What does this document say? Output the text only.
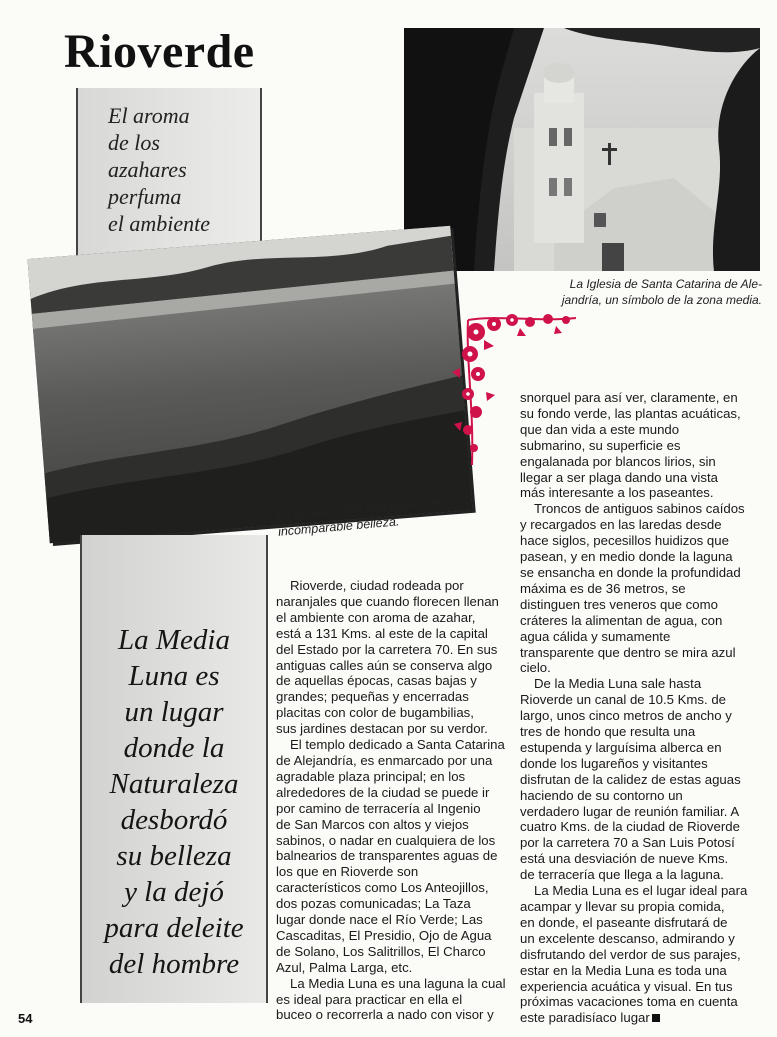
Rioverde
El aroma
de los
azahares
perfuma
el ambiente
La Iglesia de Santa Catarina de Ale-
jandría, un símbolo de la zona media.
La Media Luna, una laguna de
incomparable belleza.
La Media
Luna es
un lugar
donde la
Naturaleza
desbordó
su belleza
y la dejó
para deleite
del hombre

Rioverde, ciudad rodeada por
naranjales que cuando florecen llenan
el ambiente con aroma de azahar,
está a 131 Kms. al este de la capital
del Estado por la carretera 70. En sus
antiguas calles aún se conserva algo
de aquellas épocas, casas bajas y
grandes; pequeñas y encerradas
placitas con color de bugambilias,
sus jardines destacan por su verdor.

El templo dedicado a Santa Catarina
de Alejandría, es enmarcado por una
agradable plaza principal; en los
alrededores de la ciudad se puede ir
por camino de terracería al Ingenio
de San Marcos con altos y viejos
sabinos, o nadar en cualquiera de los
balnearios de transparentes aguas de
los que en Rioverde son
característicos como Los Anteojillos,
dos pozas comunicadas; La Taza
lugar donde nace el Río Verde; Las
Cascaditas, El Presidio, Ojo de Agua
de Solano, Los Salitrillos, El Charco
Azul, Palma Larga, etc.

La Media Luna es una laguna la cual
es ideal para practicar en ella el
buceo o recorrerla a nado con visor y

snorquel para así ver, claramente, en
su fondo verde, las plantas acuáticas,
que dan vida a este mundo
submarino, su superficie es
engalanada por blancos lirios, sin
llegar a ser plaga dando una vista
más interesante a los paseantes.

Troncos de antiguos sabinos caídos
y recargados en las laredas desde
hace siglos, pecesillos huidizos que
pasean, y en medio donde la laguna
se ensancha en donde la profundidad
máxima es de 36 metros, se
distinguen tres veneros que como
cráteres la alimentan de agua, con
agua cálida y sumamente
transparente que dentro se mira azul
cielo.

De la Media Luna sale hasta
Rioverde un canal de 10.5 Kms. de
largo, unos cinco metros de ancho y
tres de hondo que resulta una
estupenda y larguísima alberca en
donde los lugareños y visitantes
disfrutan de la calidez de estas aguas
haciendo de su contorno un
verdadero lugar de reunión familiar. A
cuatro Kms. de la ciudad de Rioverde
por la carretera 70 a San Luis Potosí
está una desviación de nueve Kms.
de terracería que llega a la laguna.

La Media Luna es el lugar ideal para
acampar y llevar su propia comida,
en donde, el paseante disfrutará de
un excelente descanso, admirando y
disfrutando del verdor de sus parajes,
estar en la Media Luna es toda una
experiencia acuática y visual. En tus
próximas vacaciones toma en cuenta
este paradisíaco lugar

54
